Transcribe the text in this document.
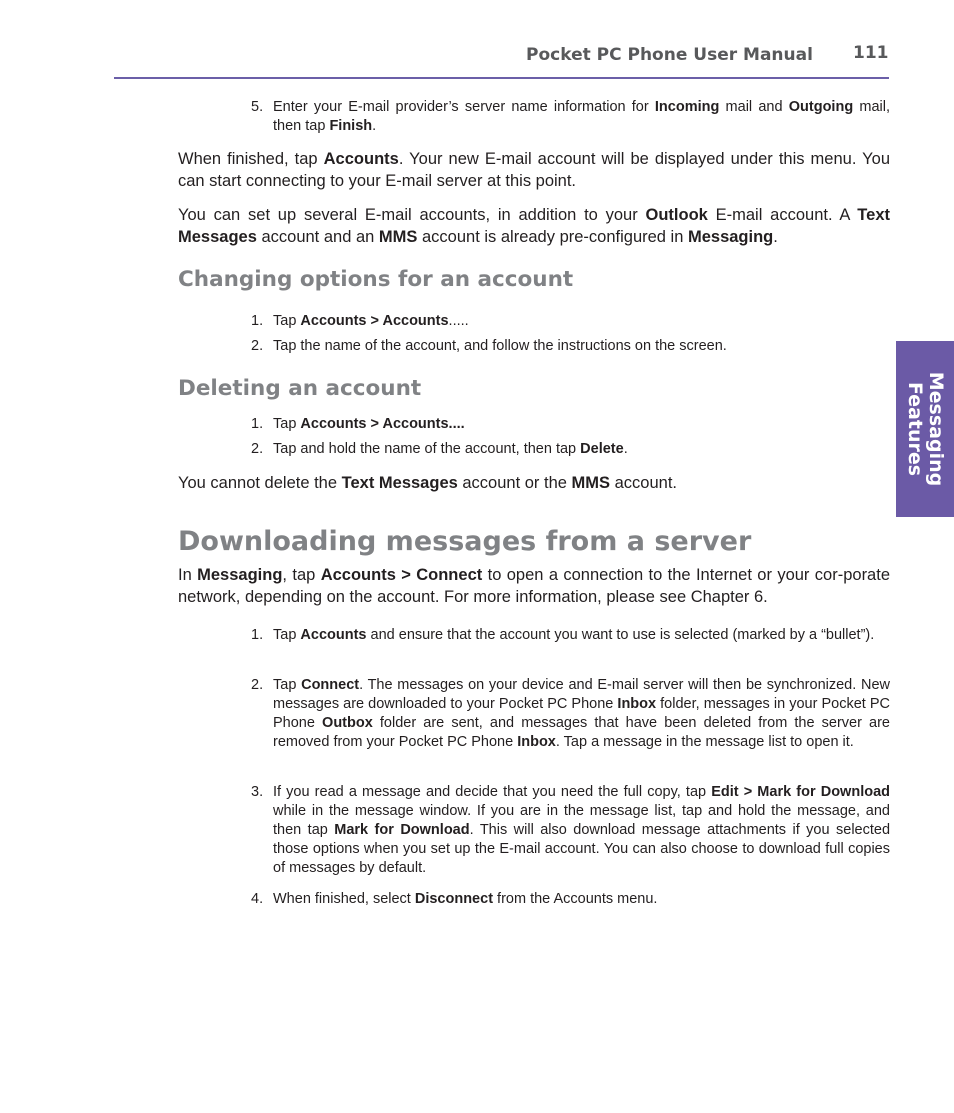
Pocket PC Phone User Manual 111
Messaging
Features

5. Enter your E-mail provider’s server name information for Incoming mail and Outgoing mail, then tap Finish.

When finished, tap Accounts. Your new E-mail account will be displayed under this menu. You can start connecting to your E-mail server at this point.

You can set up several E-mail accounts, in addition to your Outlook E-mail account. A Text Messages account and an MMS account is already pre-configured in Messaging.

Changing options for an account

1. Tap Accounts > Accounts.....

2. Tap the name of the account, and follow the instructions on the screen.

Deleting an account

1. Tap Accounts > Accounts....

2. Tap and hold the name of the account, then tap Delete.

You cannot delete the Text Messages account or the MMS account.

Downloading messages from a server

In Messaging, tap Accounts > Connect to open a connection to the Internet or your cor-porate network, depending on the account. For more information, please see Chapter 6.

1. Tap Accounts and ensure that the account you want to use is selected (marked by a “bullet”).

2. Tap Connect. The messages on your device and E-mail server will then be synchronized. New messages are downloaded to your Pocket PC Phone Inbox folder, messages in your Pocket PC Phone Outbox folder are sent, and messages that have been deleted from the server are removed from your Pocket PC Phone Inbox. Tap a message in the message list to open it.

3. If you read a message and decide that you need the full copy, tap Edit > Mark for Download while in the message window. If you are in the message list, tap and hold the message, and then tap Mark for Download. This will also download message attachments if you selected those options when you set up the E-mail account. You can also choose to download full copies of messages by default.

4. When finished, select Disconnect from the Accounts menu.
